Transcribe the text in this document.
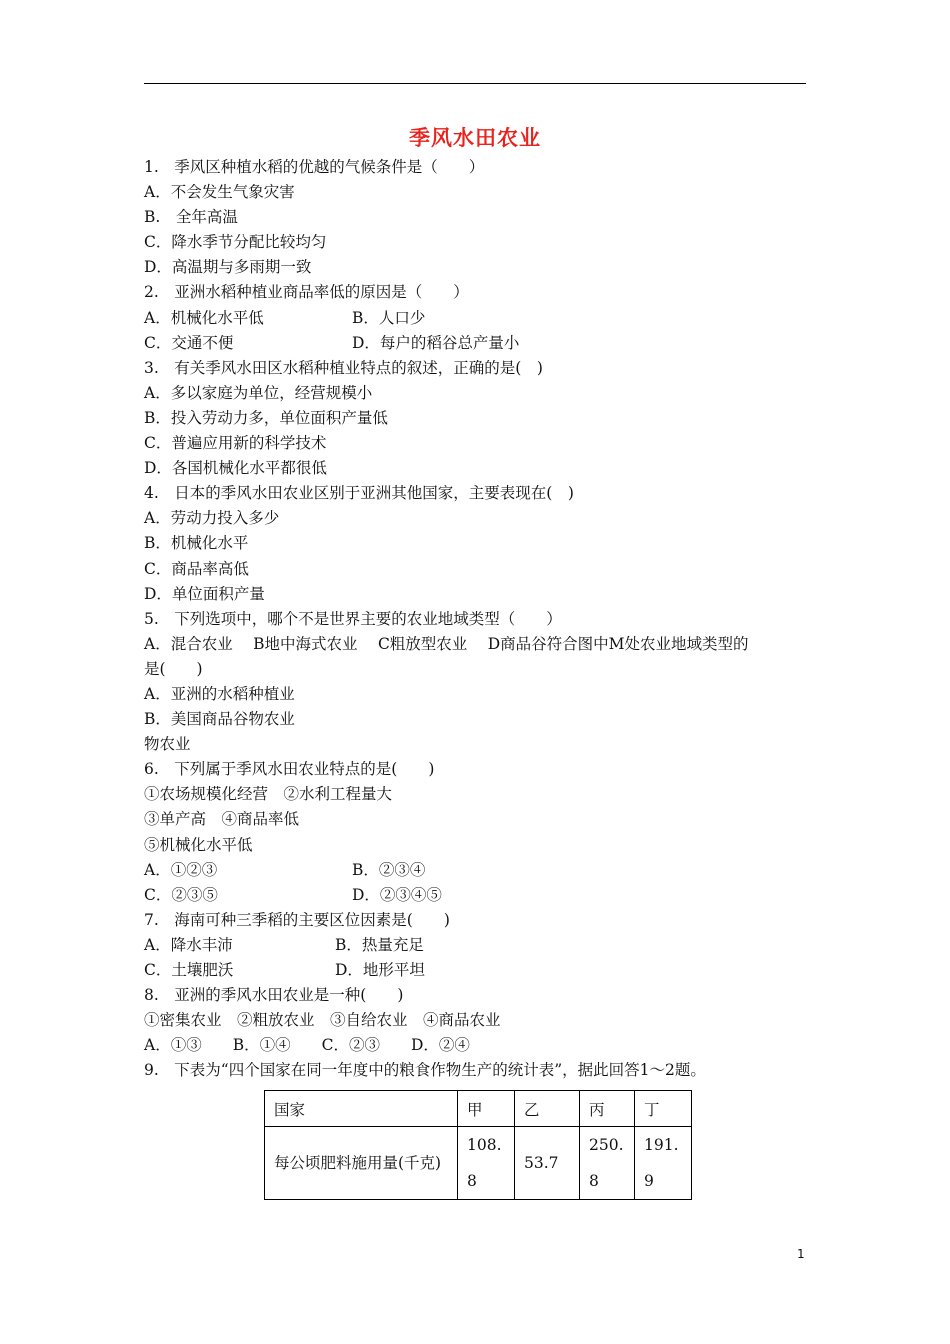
季风水田农业
1.　季风区种植水稻的优越的气候条件是（　　）
A．不会发生气象灾害
B.　全年高温
C．降水季节分配比较均匀
D．高温期与多雨期一致
2.　亚洲水稻种植业商品率低的原因是（　　）
A．机械化水平低	B．人口少
C．交通不便	D．每户的稻谷总产量小
3.　有关季风水田区水稻种植业特点的叙述，正确的是(　)
A．多以家庭为单位，经营规模小
B．投入劳动力多，单位面积产量低
C．普遍应用新的科学技术
D．各国机械化水平都很低
4.　日本的季风水田农业区别于亚洲其他国家，主要表现在(　)
A．劳动力投入多少
B．机械化水平
C．商品率高低
D．单位面积产量
5.　下列选项中，哪个不是世界主要的农业地域类型（　　）
A．混合农业　 B地中海式农业　 C粗放型农业　 D商品谷符合图中M处农业地域类型的
是(　　)
A．亚洲的水稻种植业
B．美国商品谷物农业
物农业
6.　下列属于季风水田农业特点的是(　　)
①农场规模化经营　②水利工程量大
③单产高　④商品率低
⑤机械化水平低
A．①②③	B．②③④
C．②③⑤	D．②③④⑤
7.　海南可种三季稻的主要区位因素是(　　)
A．降水丰沛	B．热量充足
C．土壤肥沃	D．地形平坦
8.　亚洲的季风水田农业是一种(　　)
①密集农业　②粗放农业　③自给农业　④商品农业
A．①③　　B．①④　　C．②③　　D．②④
9.　下表为“四个国家在同一年度中的粮食作物生产的统计表”，据此回答1～2题。
国家	甲	乙	丙	丁
每公顷肥料施用量(千克)	108.8	53.7	250.8	191.9
1
